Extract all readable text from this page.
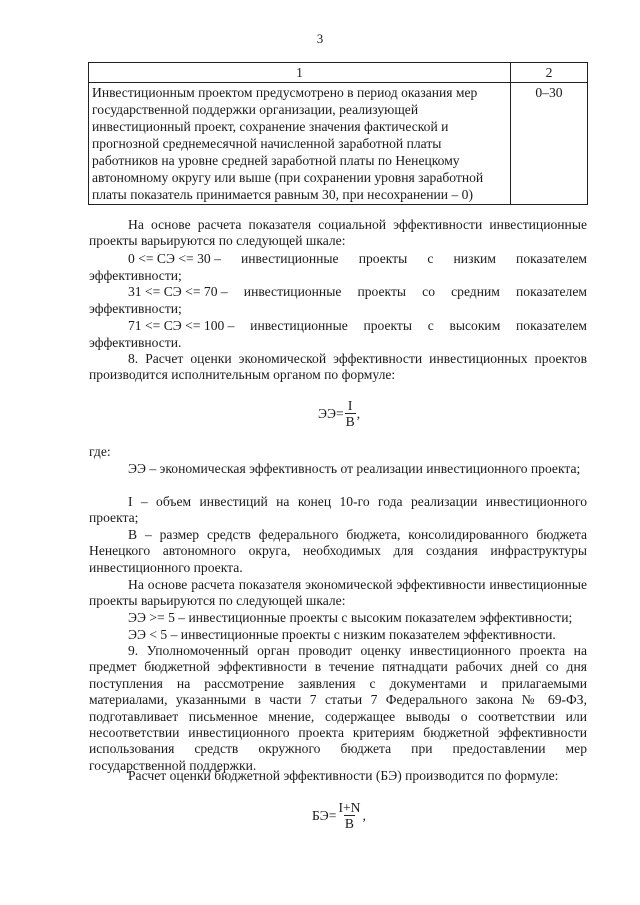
3
1	2
Инвестиционным проектом предусмотрено в период оказания мер государственной поддержки организации, реализующей инвестиционный проект, сохранение значения фактической и прогнозной среднемесячной начисленной заработной платы работников на уровне средней заработной платы по Ненецкому автономному округу или выше (при сохранении уровня заработной платы показатель принимается равным 30, при несохранении – 0)	0–30
На основе расчета показателя социальной эффективности инвестиционные проекты варьируются по следующей шкале:
0 <= СЭ <= 30 – инвестиционные проекты с низким показателем
эффективности;
31 <= СЭ <= 70 – инвестиционные проекты со средним показателем
эффективности;
71 <= СЭ <= 100 – инвестиционные проекты с высоким показателем
эффективности.
8. Расчет оценки экономической эффективности инвестиционных проектов производится исполнительным органом по формуле:
$ЭЭ= \frac{I}{В}$ ,
где:
ЭЭ – экономическая эффективность от реализации инвестиционного проекта;
I – объем инвестиций на конец 10-го года реализации инвестиционного проекта;
В – размер средств федерального бюджета, консолидированного бюджета Ненецкого автономного округа, необходимых для создания инфраструктуры инвестиционного проекта.
На основе расчета показателя экономической эффективности инвестиционные проекты варьируются по следующей шкале:
ЭЭ >= 5 – инвестиционные проекты с высоким показателем эффективности;
ЭЭ < 5 – инвестиционные проекты с низким показателем эффективности.
9. Уполномоченный орган проводит оценку инвестиционного проекта на предмет бюджетной эффективности в течение пятнадцати рабочих дней со дня поступления на рассмотрение заявления с документами и прилагаемыми материалами, указанными в части 7 статьи 7 Федерального закона № 69-ФЗ, подготавливает письменное мнение, содержащее выводы о соответствии или несоответствии инвестиционного проекта критериям бюджетной эффективности использования средств окружного бюджета при предоставлении мер государственной поддержки.
Расчет оценки бюджетной эффективности (БЭ) производится по формуле:
$БЭ= \frac{I+N}{В}$ ,
